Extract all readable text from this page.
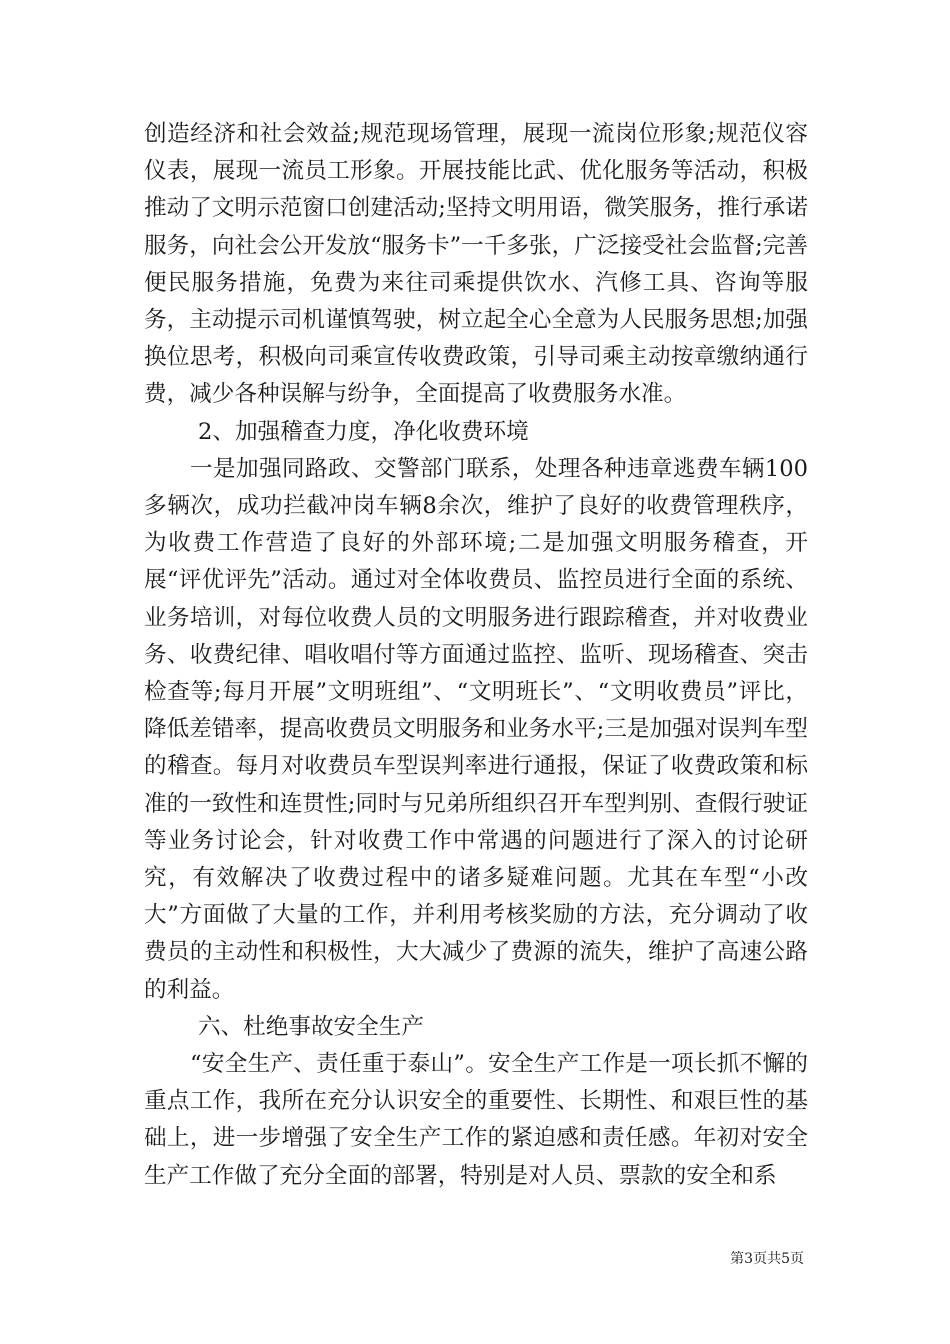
创造经济和社会效益;规范现场管理，展现一流岗位形象;规范仪容仪表，展现一流员工形象。开展技能比武、优化服务等活动，积极推动了文明示范窗口创建活动;坚持文明用语，微笑服务，推行承诺服务，向社会公开发放“服务卡”一千多张，广泛接受社会监督;完善便民服务措施，免费为来往司乘提供饮水、汽修工具、咨询等服务，主动提示司机谨慎驾驶，树立起全心全意为人民服务思想;加强换位思考，积极向司乘宣传收费政策，引导司乘主动按章缴纳通行费，减少各种误解与纷争，全面提高了收费服务水准。

2、加强稽查力度，净化收费环境

一是加强同路政、交警部门联系，处理各种违章逃费车辆100多辆次，成功拦截冲岗车辆8余次，维护了良好的收费管理秩序，为收费工作营造了良好的外部环境;二是加强文明服务稽查，开展“评优评先”活动。通过对全体收费员、监控员进行全面的系统、业务培训，对每位收费人员的文明服务进行跟踪稽查，并对收费业务、收费纪律、唱收唱付等方面通过监控、监听、现场稽查、突击检查等;每月开展”文明班组”、“文明班长”、“文明收费员”评比，降低差错率，提高收费员文明服务和业务水平;三是加强对误判车型的稽查。每月对收费员车型误判率进行通报，保证了收费政策和标准的一致性和连贯性;同时与兄弟所组织召开车型判别、查假行驶证等业务讨论会，针对收费工作中常遇的问题进行了深入的讨论研究，有效解决了收费过程中的诸多疑难问题。尤其在车型“小改大”方面做了大量的工作，并利用考核奖励的方法，充分调动了收费员的主动性和积极性，大大减少了费源的流失，维护了高速公路的利益。

六、杜绝事故安全生产

“安全生产、责任重于泰山”。安全生产工作是一项长抓不懈的重点工作，我所在充分认识安全的重要性、长期性、和艰巨性的基础上，进一步增强了安全生产工作的紧迫感和责任感。年初对安全生产工作做了充分全面的部署，特别是对人员、票款的安全和系

第3页共5页
